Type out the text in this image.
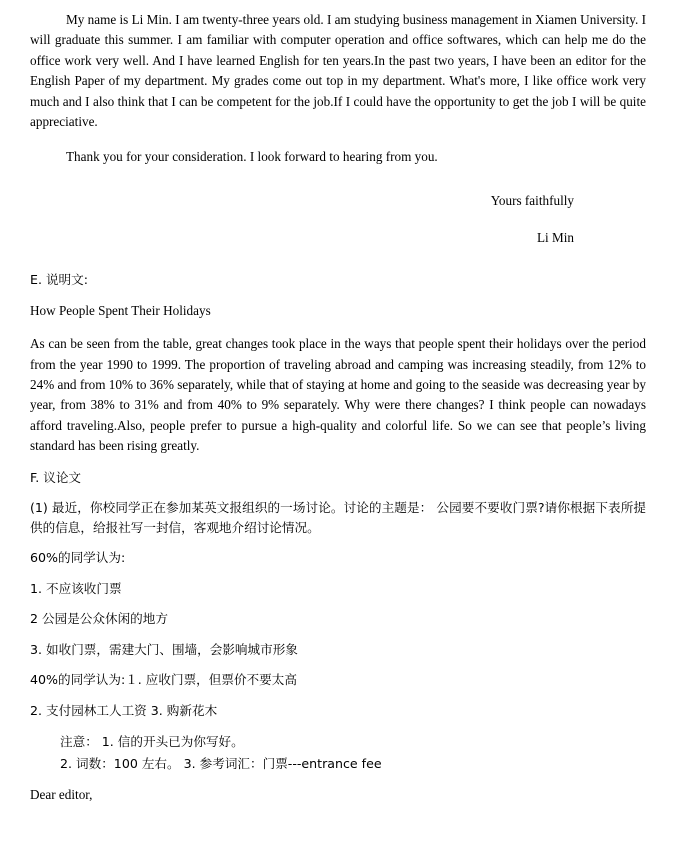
My name is Li Min. I am twenty-three years old. I am studying business management in Xiamen University. I will graduate this summer. I am familiar with computer operation and office softwares, which can help me do the office work very well. And I have learned English for ten years.In the past two years, I have been an editor for the English Paper of my department. My grades come out top in my department. What's more, I like office work very much and I also think that I can be competent for the job.If I could have the opportunity to get the job I will be quite appreciative.

Thank you for your consideration. I look forward to hearing from you.

Yours faithfully

Li Min

E. 说明文:

How People Spent Their Holidays

As can be seen from the table, great changes took place in the ways that people spent their holidays over the period from the year 1990 to 1999. The proportion of traveling abroad and camping was increasing steadily, from 12% to 24% and from 10% to 36% separately, while that of staying at home and going to the seaside was decreasing year by year, from 38% to 31% and from 40% to 9% separately. Why were there changes? I think people can nowadays afford traveling.Also, people prefer to pursue a high-quality and colorful life. So we can see that people’s living standard has been rising greatly.

F. 议论文

(1) 最近，你校同学正在参加某英文报组织的一场讨论。讨论的主题是： 公园要不要收门票?请你根据下表所提供的信息，给报社写一封信，客观地介绍讨论情况。

60%的同学认为:

1. 不应该收门票

2 公园是公众休闲的地方

3. 如收门票，需建大门、围墙，会影响城市形象

40%的同学认为:１. 应收门票，但票价不要太高

2. 支付园林工人工资 3. 购新花木

注意： 1. 信的开头已为你写好。

2. 词数：100 左右。 3. 参考词汇：门票---entrance fee

Dear editor,
